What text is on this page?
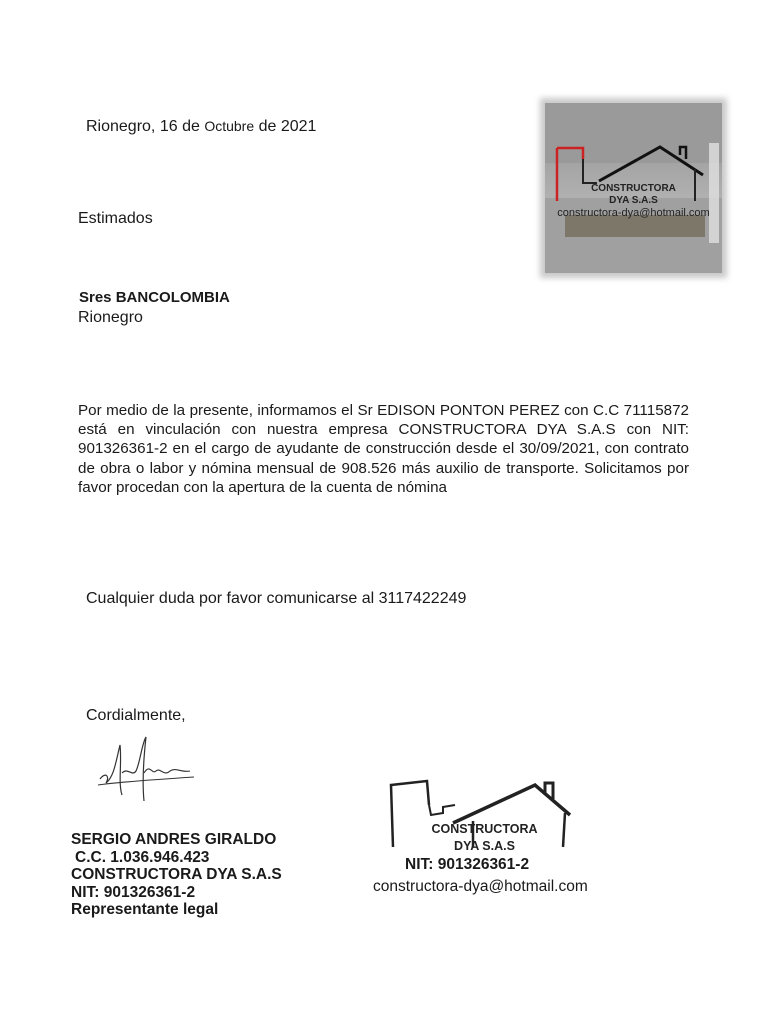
Rionegro, 16 de Octubre de 2021
CONSTRUCTORA
DYA S.A.S
constructora-dya@hotmail.com
Estimados
Sres BANCOLOMBIA
Rionegro
Por medio de la presente, informamos el Sr EDISON PONTON PEREZ con C.C 71115872 está en vinculación con nuestra empresa CONSTRUCTORA DYA S.A.S con NIT: 901326361-2 en el cargo de ayudante de construcción desde el 30/09/2021, con contrato de obra o labor y nómina mensual de 908.526 más auxilio de transporte. Solicitamos por favor procedan con la apertura de la cuenta de nómina
Cualquier duda por favor comunicarse al 3117422249
Cordialmente,
SERGIO ANDRES GIRALDO
C.C. 1.036.946.423
CONSTRUCTORA DYA S.A.S
NIT: 901326361-2
Representante legal
CONSTRUCTORA
DYA S.A.S
NIT: 901326361-2
constructora-dya@hotmail.com
